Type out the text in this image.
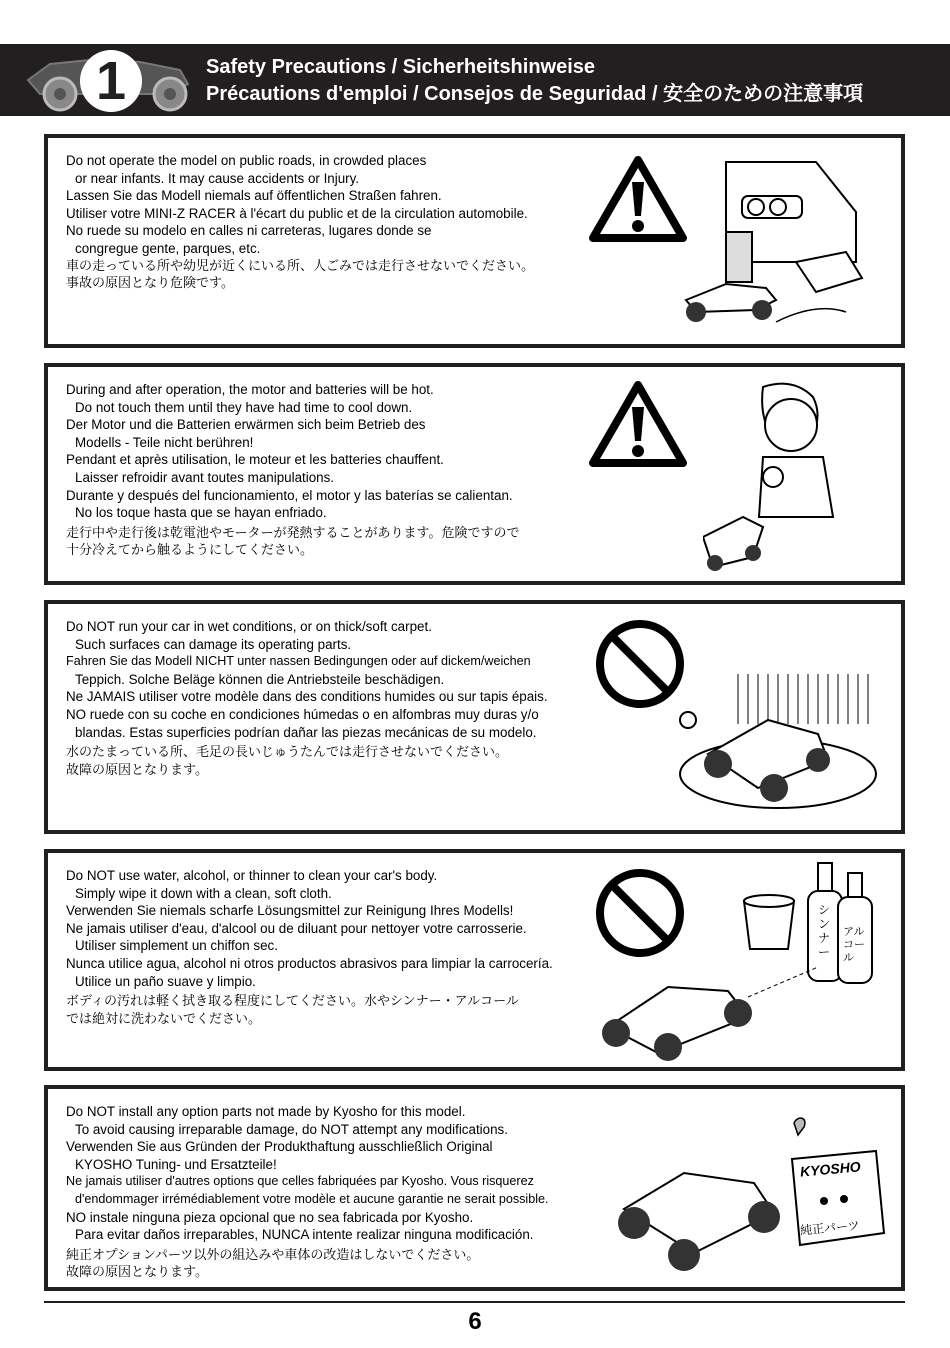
1	Safety Precautions / Sicherheitshinweise
Précautions d'emploi / Consejos de Seguridad / 安全のための注意事項
Do not operate the model on public roads, in crowded places
or near infants. It may cause accidents or Injury.
Lassen Sie das Modell niemals auf öffentlichen Straßen fahren.
Utiliser votre MINI-Z RACER à l'écart du public et de la circulation automobile.
No ruede su modelo en calles ni carreteras, lugares donde se
congregue gente, parques, etc.
車の走っている所や幼児が近くにいる所、人ごみでは走行させないでください。
事故の原因となり危険です。
During and after operation, the motor and batteries will be hot.
Do not touch them until they have had time to cool down.
Der Motor und die Batterien erwärmen sich beim Betrieb des
Modells - Teile nicht berühren!
Pendant et après utilisation, le moteur et les batteries chauffent.
Laisser refroidir avant toutes manipulations.
Durante y después del funcionamiento, el motor y las baterías se calientan.
No los toque hasta que se hayan enfriado.
走行中や走行後は乾電池やモーターが発熱することがあります。危険ですので
十分冷えてから触るようにしてください。
Do NOT run your car in wet conditions, or on thick/soft carpet.
Such surfaces can damage its operating parts.
Fahren Sie das Modell NICHT unter nassen Bedingungen oder auf dickem/weichen
Teppich. Solche Beläge können die Antriebsteile beschädigen.
Ne JAMAIS utiliser votre modèle dans des conditions humides ou sur tapis épais.
NO ruede con su coche en condiciones húmedas o en alfombras muy duras y/o
blandas. Estas superficies podrían dañar las piezas mecánicas de su modelo.
水のたまっている所、毛足の長いじゅうたんでは走行させないでください。
故障の原因となります。
Do NOT use water, alcohol, or thinner to clean your car's body.
Simply wipe it down with a clean, soft cloth.
Verwenden Sie niemals scharfe Lösungsmittel zur Reinigung Ihres Modells!
Ne jamais utiliser d'eau, d'alcool ou de diluant pour nettoyer votre carrosserie.
Utiliser simplement un chiffon sec.
Nunca utilice agua, alcohol ni otros productos abrasivos para limpiar la carrocería.
Utilice un paño suave y limpio.
ボディの汚れは軽く拭き取る程度にしてください。水やシンナー・アルコール
では絶対に洗わないでください。
シンナー
アルコール
Do NOT install any option parts not made by Kyosho for this model.
To avoid causing irreparable damage, do NOT attempt any modifications.
Verwenden Sie aus Gründen der Produkthaftung ausschließlich Original
KYOSHO Tuning- und Ersatzteile!
Ne jamais utiliser d'autres options que celles fabriquées par Kyosho. Vous risquerez
d'endommager irrémédiablement votre modèle et aucune garantie ne serait possible.
NO instale ninguna pieza opcional que no sea fabricada por Kyosho.
Para evitar daños irreparables, NUNCA intente realizar ninguna modificación.
純正オプションパーツ以外の組込みや車体の改造はしないでください。
故障の原因となります。
KYOSHO
純正パーツ
6
